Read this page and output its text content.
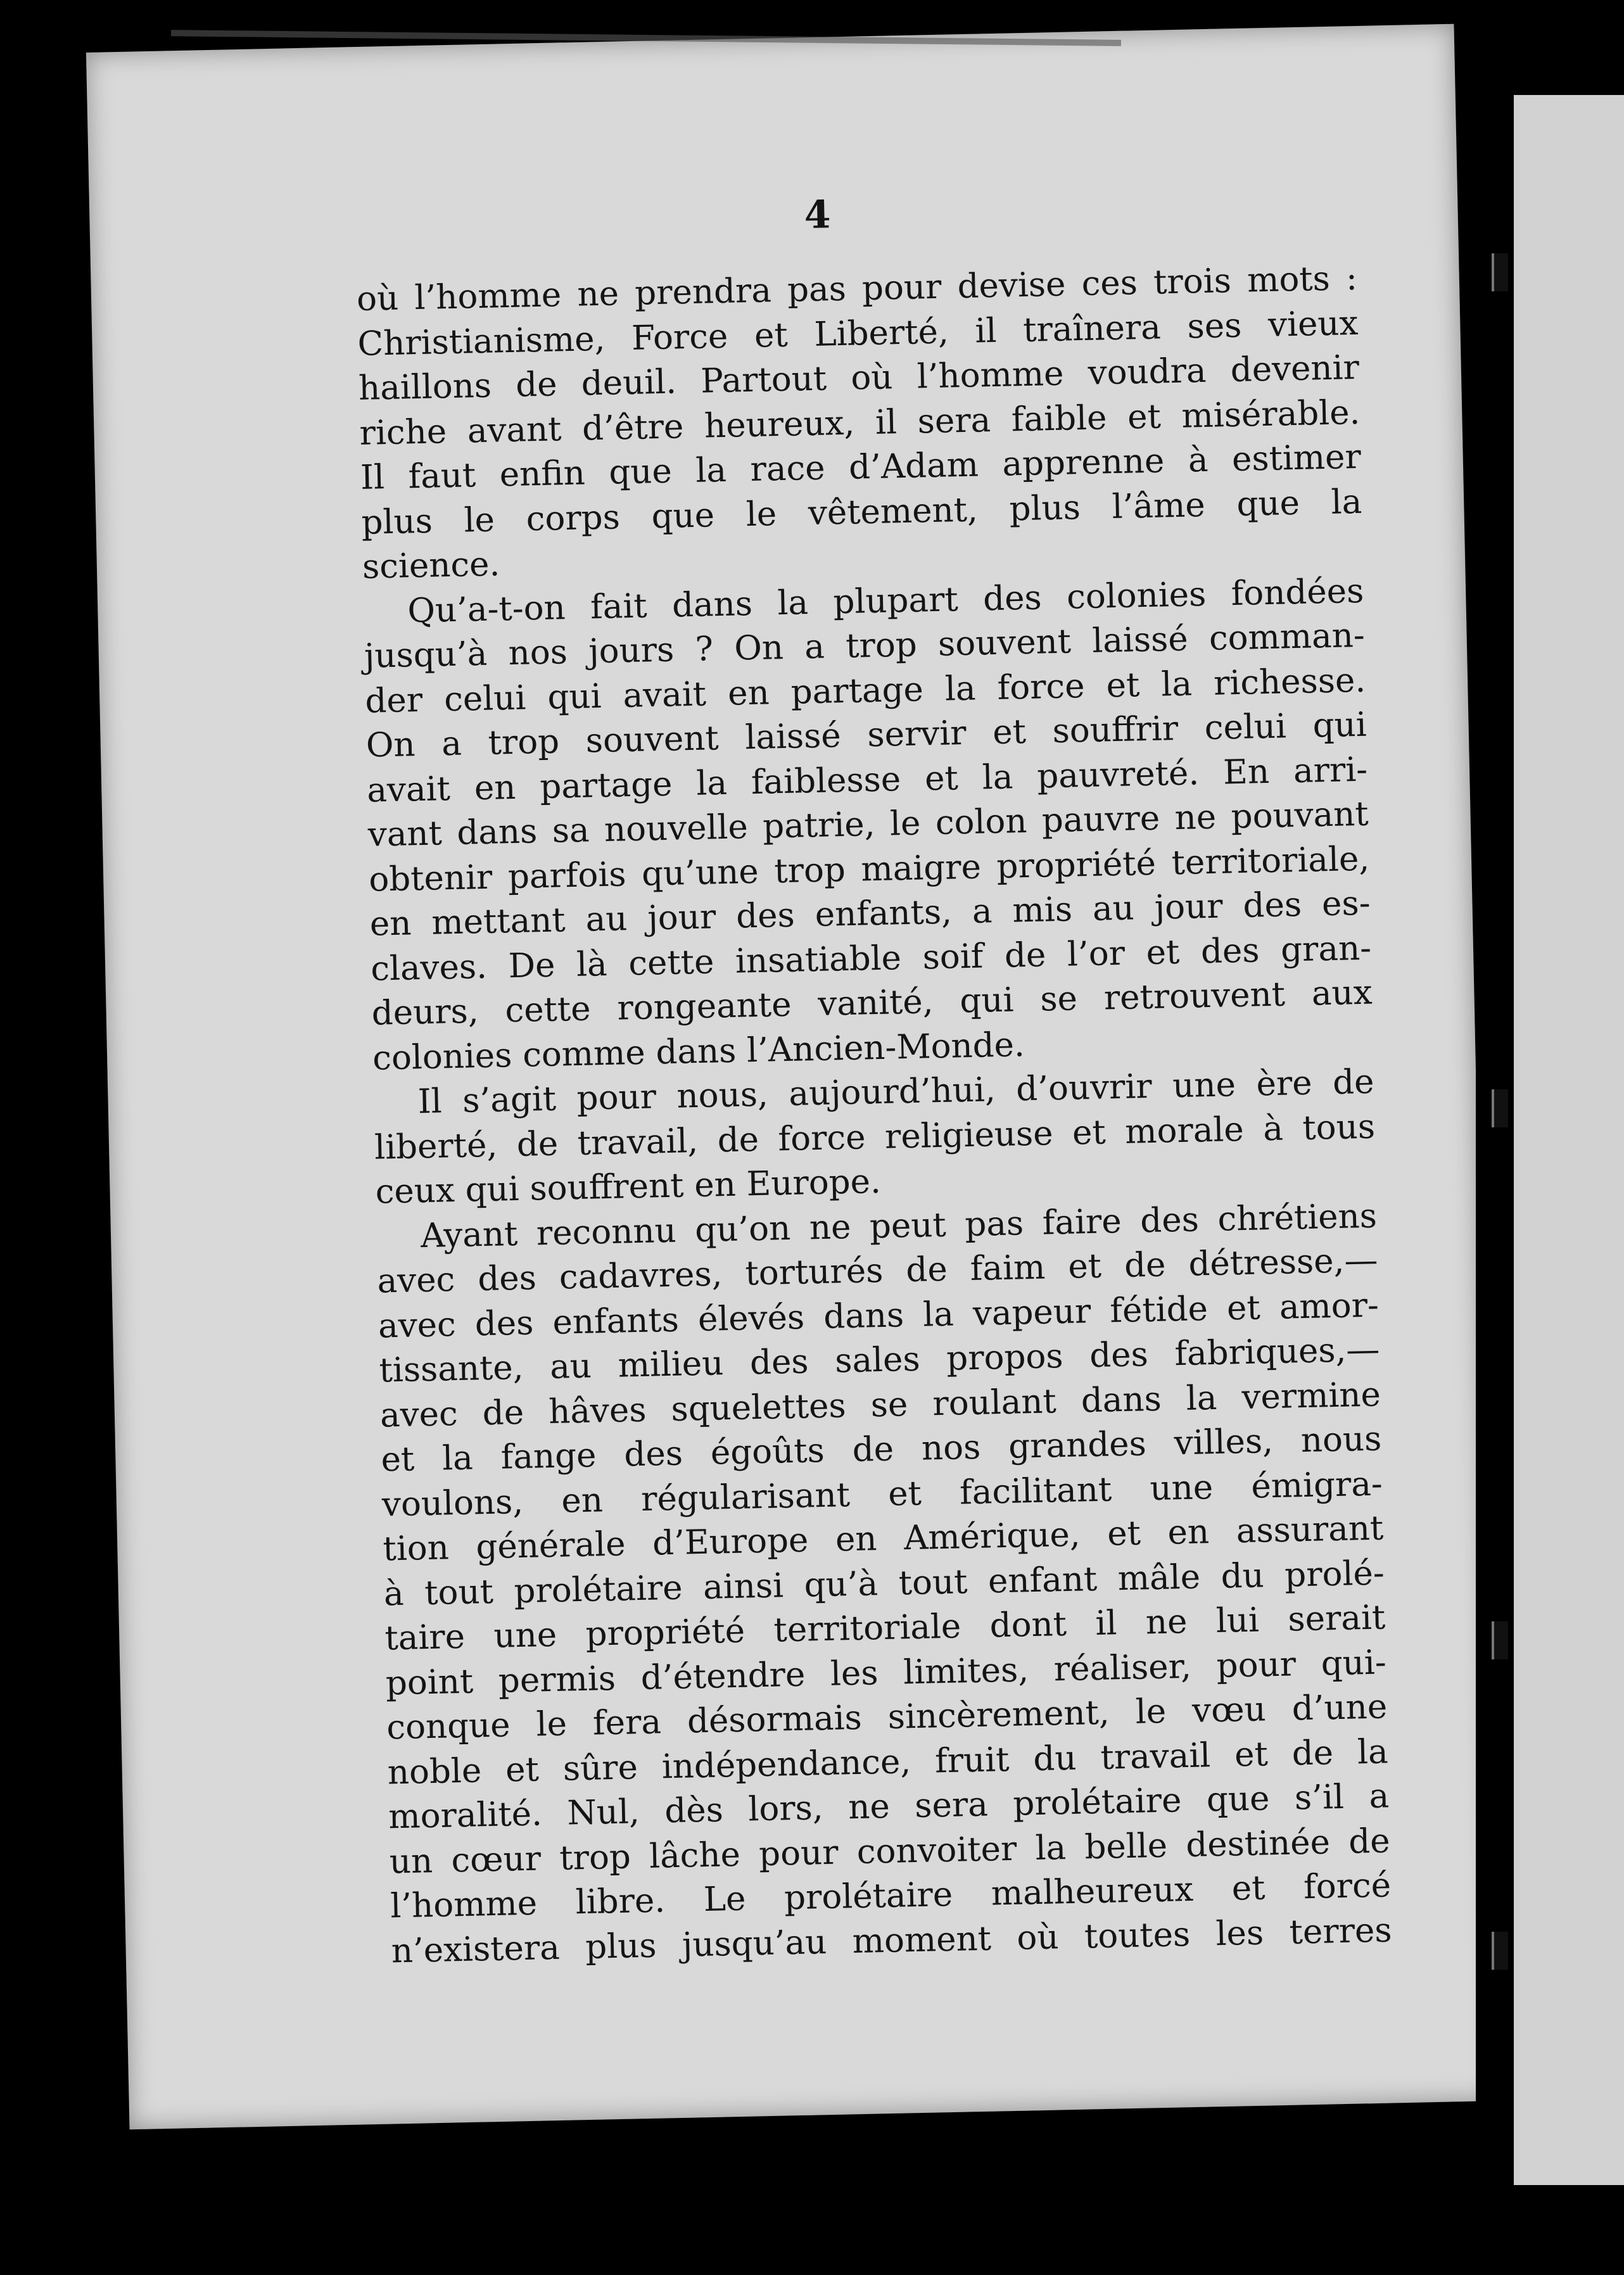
4
où l’homme ne prendra pas pour devise ces trois mots :
Christianisme, Force et Liberté, il traînera ses vieux
haillons de deuil. Partout où l’homme voudra devenir
riche avant d’être heureux, il sera faible et misérable.
Il faut enfin que la race d’Adam apprenne à estimer
plus le corps que le vêtement, plus l’âme que la
science.
Qu’a-t-on fait dans la plupart des colonies fondées
jusqu’à nos jours ? On a trop souvent laissé comman-
der celui qui avait en partage la force et la richesse.
On a trop souvent laissé servir et souffrir celui qui
avait en partage la faiblesse et la pauvreté. En arri-
vant dans sa nouvelle patrie, le colon pauvre ne pouvant
obtenir parfois qu’une trop maigre propriété territoriale,
en mettant au jour des enfants, a mis au jour des es-
claves. De là cette insatiable soif de l’or et des gran-
deurs, cette rongeante vanité, qui se retrouvent aux
colonies comme dans l’Ancien-Monde.
Il s’agit pour nous, aujourd’hui, d’ouvrir une ère de
liberté, de travail, de force religieuse et morale à tous
ceux qui souffrent en Europe.
Ayant reconnu qu’on ne peut pas faire des chrétiens
avec des cadavres, torturés de faim et de détresse,—
avec des enfants élevés dans la vapeur fétide et amor-
tissante, au milieu des sales propos des fabriques,—
avec de hâves squelettes se roulant dans la vermine
et la fange des égoûts de nos grandes villes, nous
voulons, en régularisant et facilitant une émigra-
tion générale d’Europe en Amérique, et en assurant
à tout prolétaire ainsi qu’à tout enfant mâle du prolé-
taire une propriété territoriale dont il ne lui serait
point permis d’étendre les limites, réaliser, pour qui-
conque le fera désormais sincèrement, le vœu d’une
noble et sûre indépendance, fruit du travail et de la
moralité. Nul, dès lors, ne sera prolétaire que s’il a
un cœur trop lâche pour convoiter la belle destinée de
l’homme libre. Le prolétaire malheureux et forcé
n’existera plus jusqu’au moment où toutes les terres
